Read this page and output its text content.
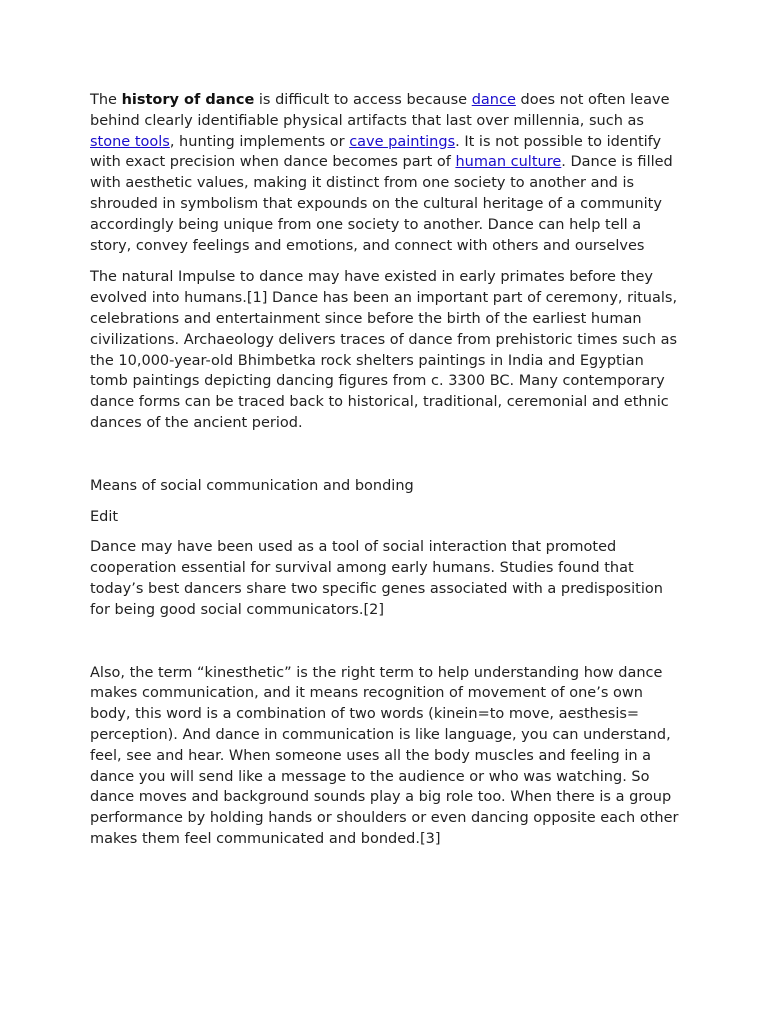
The history of dance is difficult to access because dance does not often leave behind clearly identifiable physical artifacts that last over millennia, such as stone tools, hunting implements or cave paintings. It is not possible to identify with exact precision when dance becomes part of human culture. Dance is filled with aesthetic values, making it distinct from one society to another and is shrouded in symbolism that expounds on the cultural heritage of a community accordingly being unique from one society to another. Dance can help tell a story, convey feelings and emotions, and connect with others and ourselves

The natural Impulse to dance may have existed in early primates before they evolved into humans.[1] Dance has been an important part of ceremony, rituals, celebrations and entertainment since before the birth of the earliest human civilizations. Archaeology delivers traces of dance from prehistoric times such as the 10,000-year-old Bhimbetka rock shelters paintings in India and Egyptian tomb paintings depicting dancing figures from c. 3300 BC. Many contemporary dance forms can be traced back to historical, traditional, ceremonial and ethnic dances of the ancient period.

Means of social communication and bonding

Edit

Dance may have been used as a tool of social interaction that promoted cooperation essential for survival among early humans. Studies found that today’s best dancers share two specific genes associated with a predisposition for being good social communicators.[2]

Also, the term “kinesthetic” is the right term to help understanding how dance makes communication, and it means recognition of movement of one’s own body, this word is a combination of two words (kinein=to move, aesthesis= perception). And dance in communication is like language, you can understand, feel, see and hear. When someone uses all the body muscles and feeling in a dance you will send like a message to the audience or who was watching. So dance moves and background sounds play a big role too. When there is a group performance by holding hands or shoulders or even dancing opposite each other makes them feel communicated and bonded.[3]
